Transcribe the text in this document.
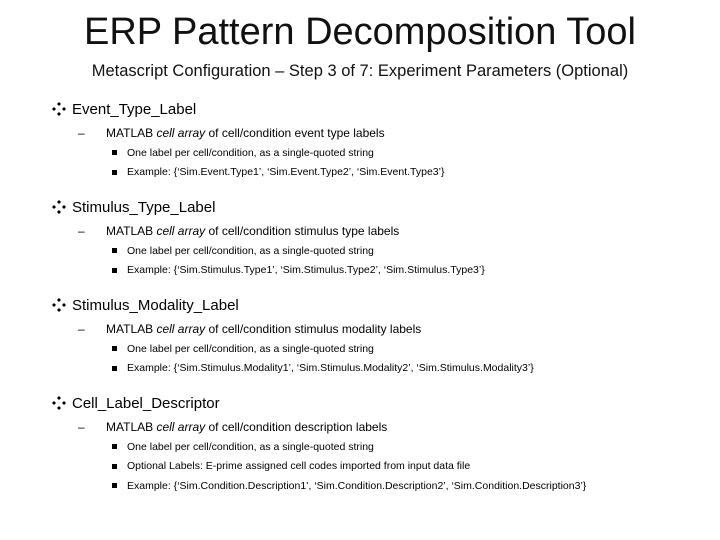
ERP Pattern Decomposition Tool
Metascript Configuration – Step 3 of 7: Experiment Parameters (Optional)
Event_Type_Label
–	MATLAB cell array of cell/condition event type labels
One label per cell/condition, as a single-quoted string
Example: {‘Sim.Event.Type1’, ‘Sim.Event.Type2’, ‘Sim.Event.Type3’}
Stimulus_Type_Label
–	MATLAB cell array of cell/condition stimulus type labels
One label per cell/condition, as a single-quoted string
Example: {‘Sim.Stimulus.Type1’, ‘Sim.Stimulus.Type2’, ‘Sim.Stimulus.Type3’}
Stimulus_Modality_Label
–	MATLAB cell array of cell/condition stimulus modality labels
One label per cell/condition, as a single-quoted string
Example: {‘Sim.Stimulus.Modality1’, ‘Sim.Stimulus.Modality2’, ‘Sim.Stimulus.Modality3’}
Cell_Label_Descriptor
–	MATLAB cell array of cell/condition description labels
One label per cell/condition, as a single-quoted string
Optional Labels: E-prime assigned cell codes imported from input data file
Example: {‘Sim.Condition.Description1’, ‘Sim.Condition.Description2’, ‘Sim.Condition.Description3’}
